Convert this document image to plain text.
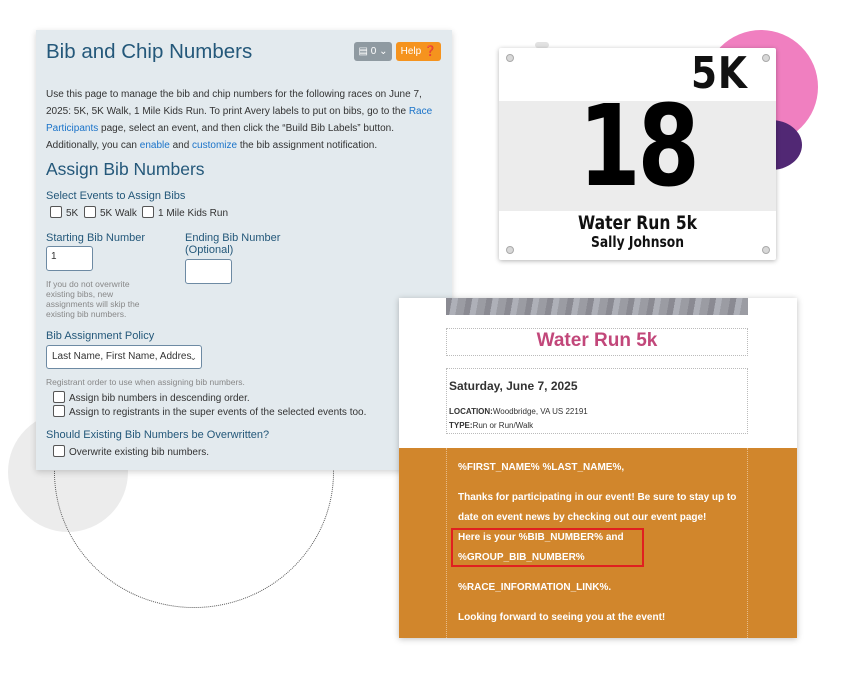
Bib and Chip Numbers	▤ 0 ⌄	Help ❓
Use this page to manage the bib and chip numbers for the following races on June 7, 2025: 5K, 5K Walk, 1 Mile Kids Run. To print Avery labels to put on bibs, go to the Race Participants page, select an event, and then click the “Build Bib Labels” button. Additionally, you can enable and customize the bib assignment notification.
Assign Bib Numbers
Select Events to Assign Bibs
5K	5K Walk	1 Mile Kids Run
Starting Bib Number
1
Ending Bib Number
(Optional)
If you do not overwrite
existing bibs, new
assignments will skip the
existing bib numbers.
Bib Assignment Policy
Last Name, First Name, Addres
⌄
Registrant order to use when assigning bib numbers.
Assign bib numbers in descending order.
Assign to registrants in the super events of the selected events too.
Should Existing Bib Numbers be Overwritten?
Overwrite existing bib numbers.
5K
18
Water Run 5k
Sally Johnson
Water Run 5k
Saturday, June 7, 2025
LOCATION:Woodbridge, VA US 22191
TYPE:Run or Run/Walk
%FIRST_NAME% %LAST_NAME%,
Thanks for participating in our event! Be sure to stay up to
date on event news by checking out our event page!
Here is your %BIB_NUMBER% and
%GROUP_BIB_NUMBER%
%RACE_INFORMATION_LINK%.
Looking forward to seeing you at the event!
